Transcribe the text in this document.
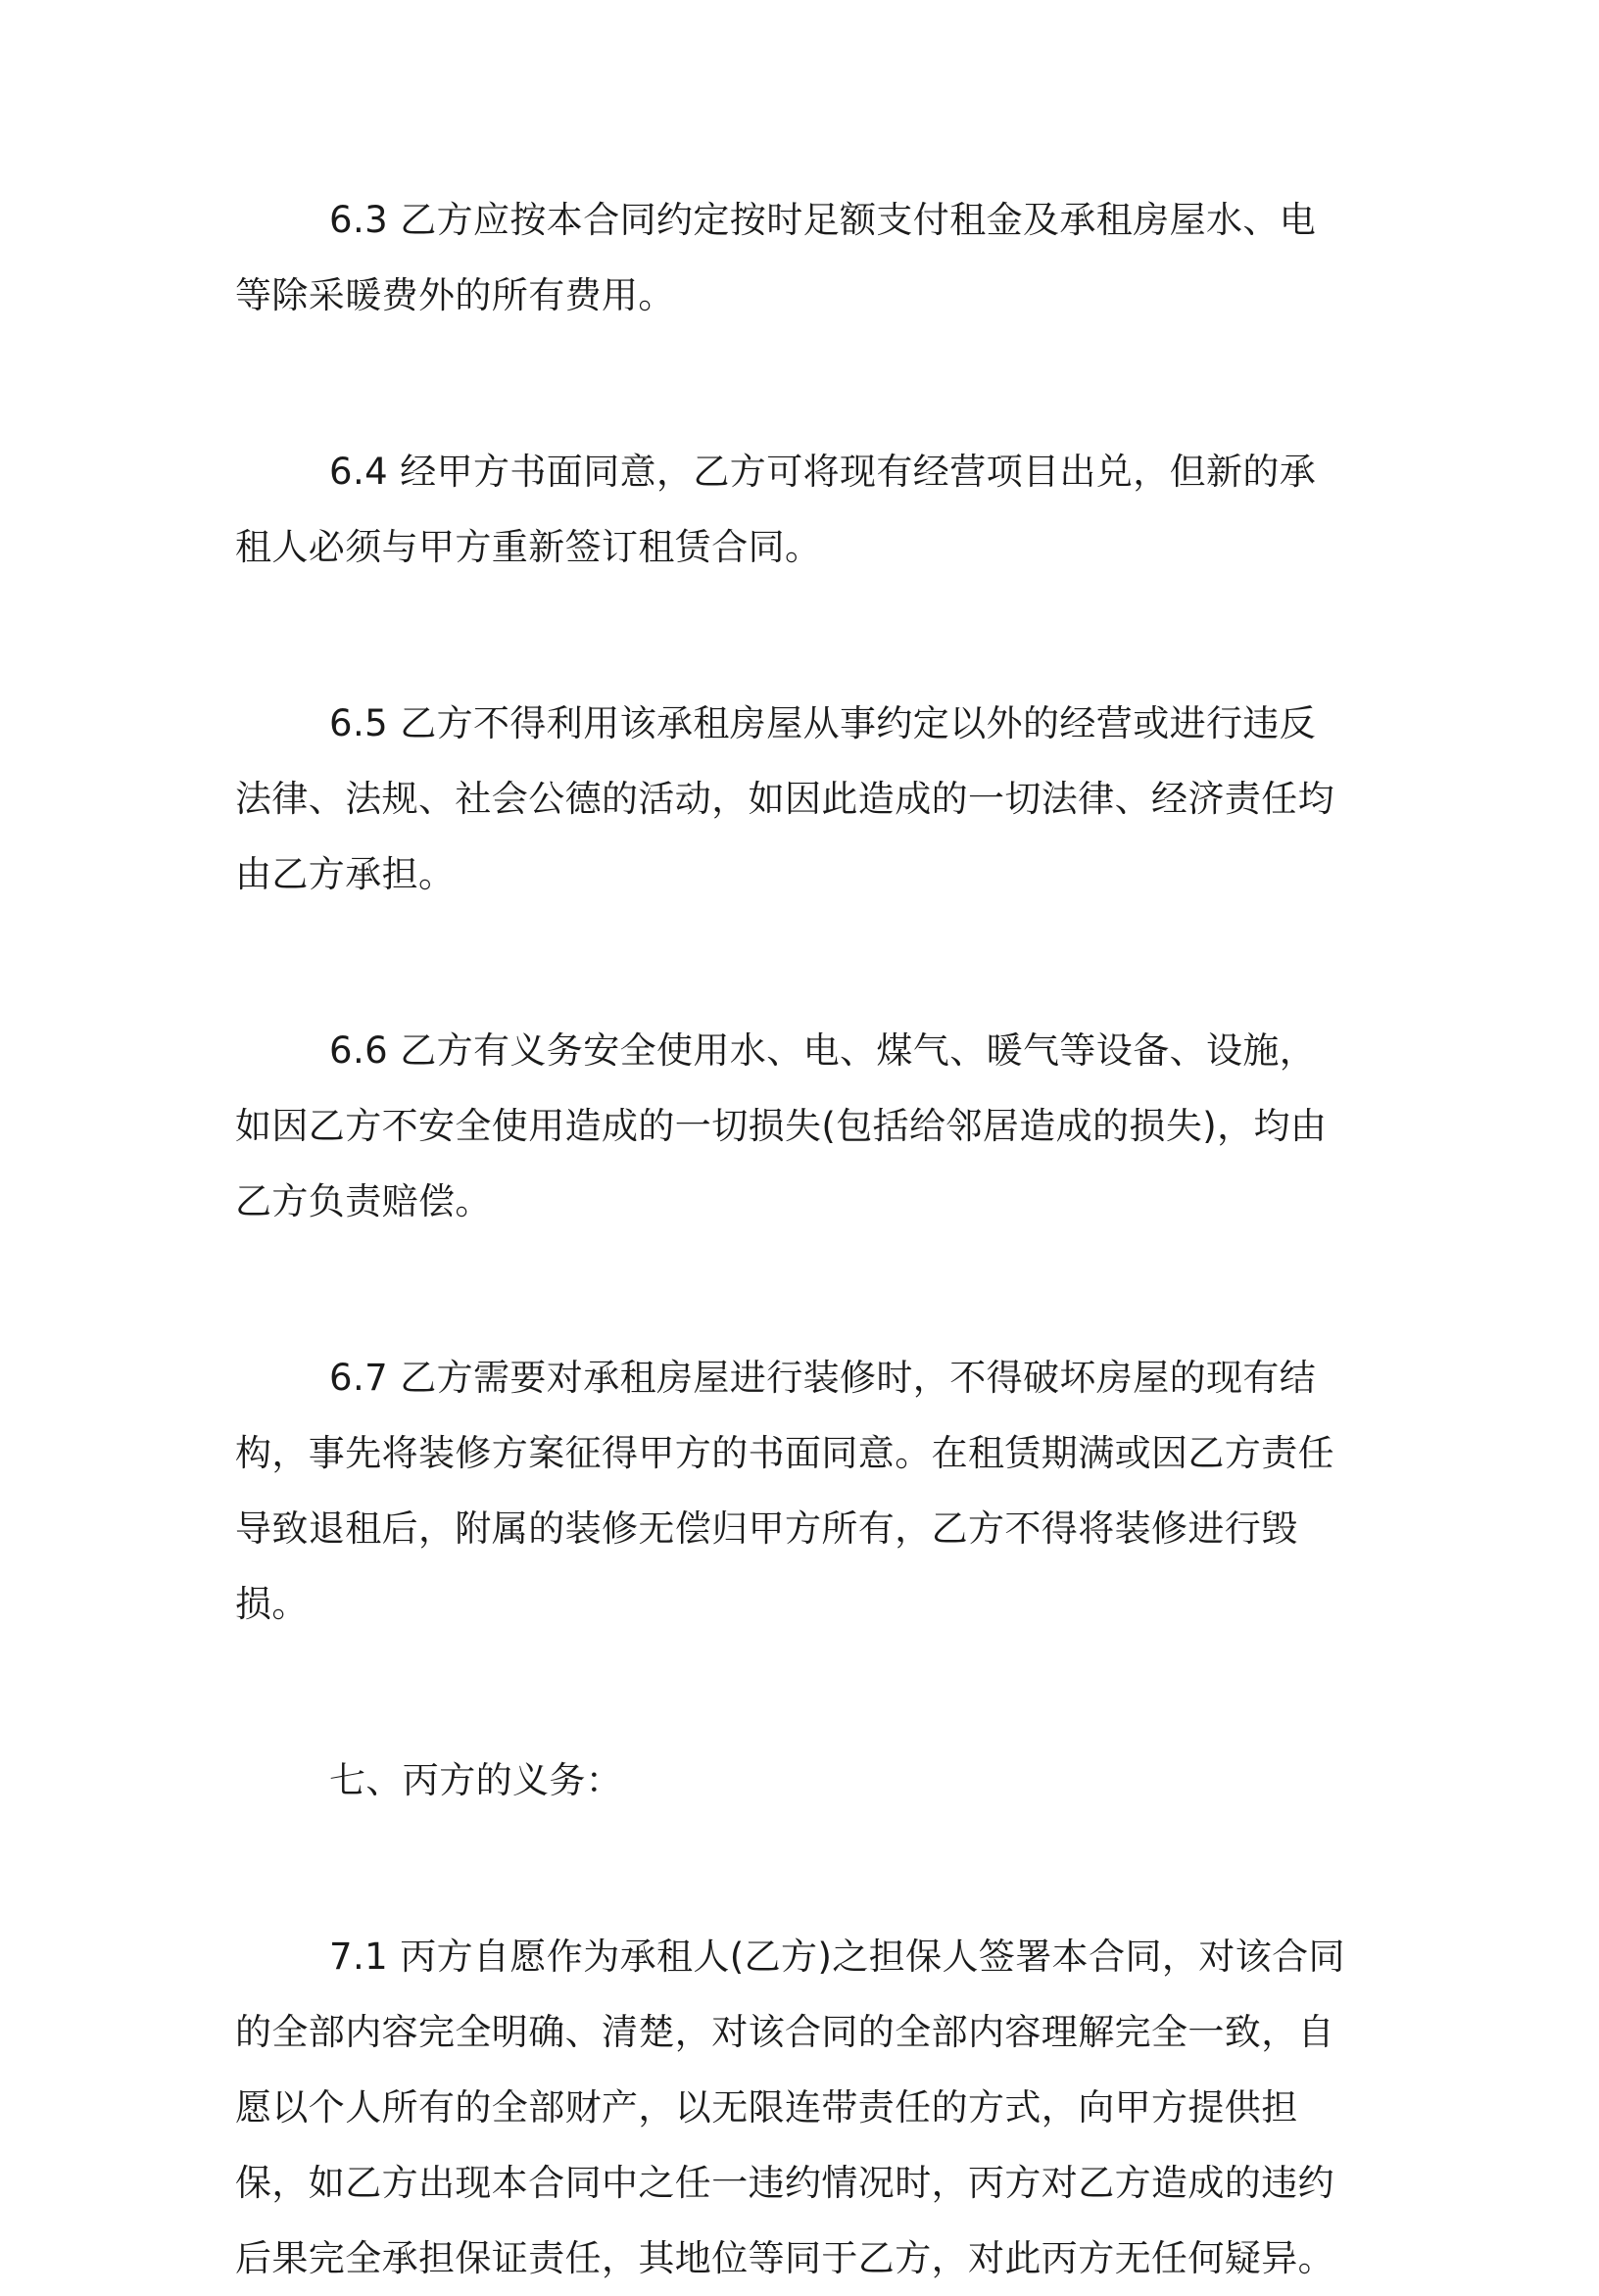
6.3 乙方应按本合同约定按时足额支付租金及承租房屋水、电等除采暖费外的所有费用。

6.4 经甲方书面同意，乙方可将现有经营项目出兑，但新的承租人必须与甲方重新签订租赁合同。

6.5 乙方不得利用该承租房屋从事约定以外的经营或进行违反法律、法规、社会公德的活动，如因此造成的一切法律、经济责任均由乙方承担。

6.6 乙方有义务安全使用水、电、煤气、暖气等设备、设施，如因乙方不安全使用造成的一切损失(包括给邻居造成的损失)，均由乙方负责赔偿。

6.7 乙方需要对承租房屋进行装修时，不得破坏房屋的现有结构，事先将装修方案征得甲方的书面同意。在租赁期满或因乙方责任导致退租后，附属的装修无偿归甲方所有，乙方不得将装修进行毁损。

七、丙方的义务：

7.1 丙方自愿作为承租人(乙方)之担保人签署本合同，对该合同的全部内容完全明确、清楚，对该合同的全部内容理解完全一致，自愿以个人所有的全部财产，以无限连带责任的方式，向甲方提供担保，如乙方出现本合同中之任一违约情况时，丙方对乙方造成的违约后果完全承担保证责任，其地位等同于乙方，对此丙方无任何疑异。
